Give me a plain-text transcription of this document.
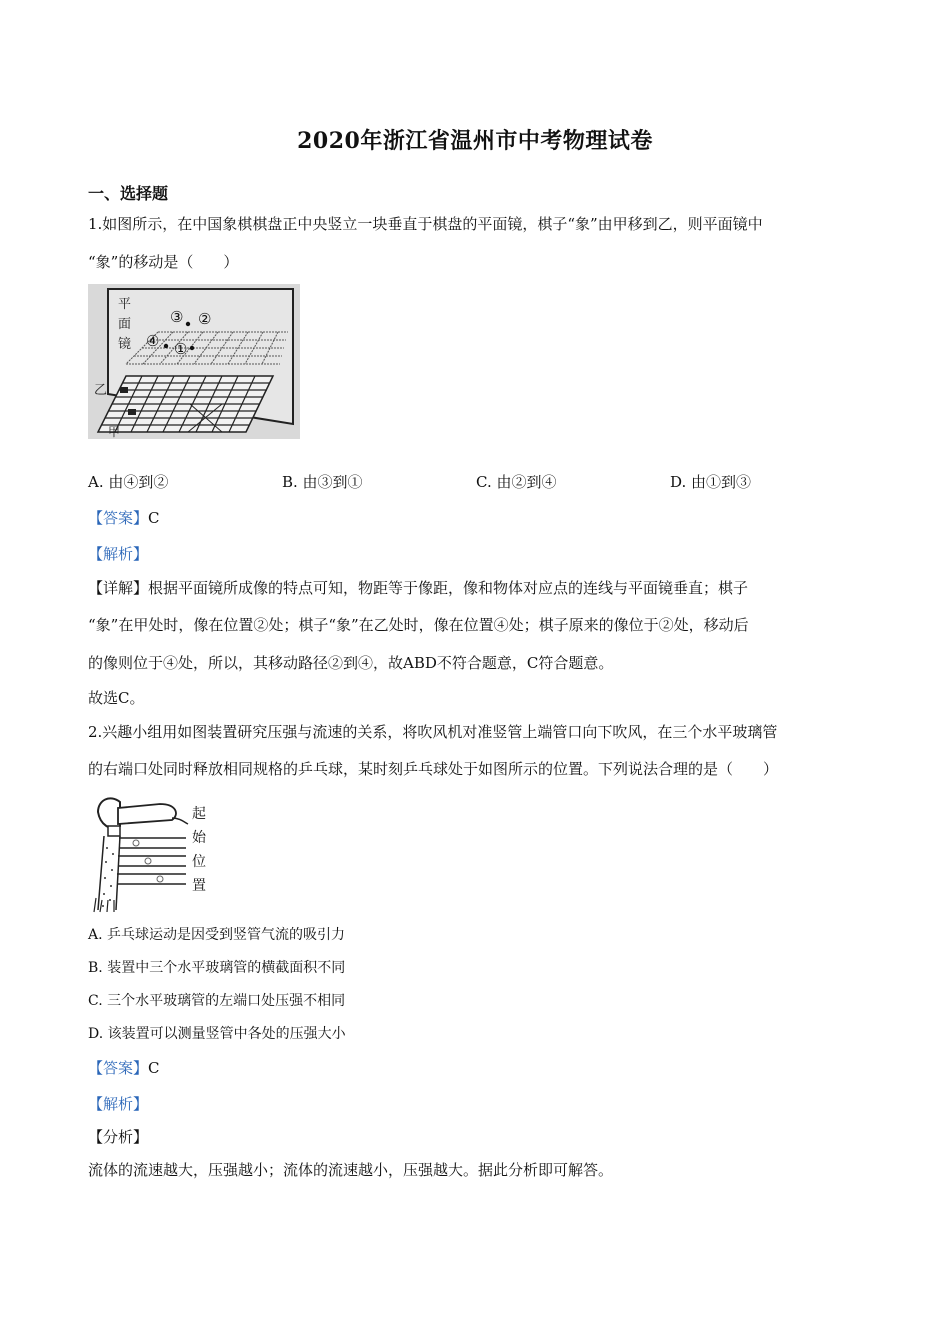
2020年浙江省温州市中考物理试卷
一、选择题
1.如图所示，在中国象棋棋盘正中央竖立一块垂直于棋盘的平面镜，棋子“象”由甲移到乙，则平面镜中
“象”的移动是（　　）
平
面
镜
③ ②
④ ①
乙
甲
A. 由④到②	B. 由③到①	C. 由②到④	D. 由①到③
【答案】C
【解析】
【详解】根据平面镜所成像的特点可知，物距等于像距，像和物体对应点的连线与平面镜垂直；棋子
“象”在甲处时，像在位置②处；棋子“象”在乙处时，像在位置④处；棋子原来的像位于②处，移动后
的像则位于④处，所以，其移动路径②到④，故ABD不符合题意，C符合题意。
故选C。
2.兴趣小组用如图装置研究压强与流速的关系，将吹风机对准竖管上端管口向下吹风，在三个水平玻璃管
的右端口处同时释放相同规格的乒乓球，某时刻乒乓球处于如图所示的位置。下列说法合理的是（　　）
起
始
位
置
A. 乒乓球运动是因受到竖管气流的吸引力
B. 装置中三个水平玻璃管的横截面积不同
C. 三个水平玻璃管的左端口处压强不相同
D. 该装置可以测量竖管中各处的压强大小
【答案】C
【解析】
【分析】
流体的流速越大，压强越小；流体的流速越小，压强越大。据此分析即可解答。
